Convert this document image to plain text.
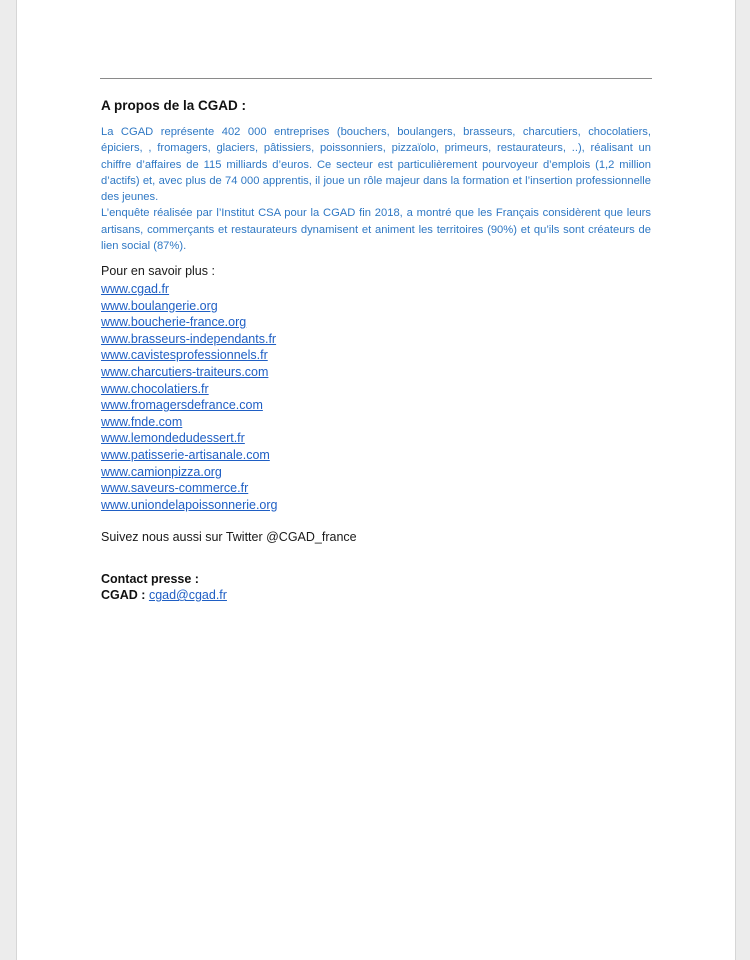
A propos de la CGAD :

La CGAD représente 402 000 entreprises (bouchers, boulangers, brasseurs, charcutiers, chocolatiers, épiciers, , fromagers, glaciers, pâtissiers, poissonniers, pizzaïolo, primeurs, restaurateurs, ..), réalisant un chiffre d’affaires de 115 milliards d’euros. Ce secteur est particulièrement pourvoyeur d’emplois (1,2 million d’actifs) et, avec plus de 74 000 apprentis, il joue un rôle majeur dans la formation et l’insertion professionnelle des jeunes.

L’enquête réalisée par l’Institut CSA pour la CGAD fin 2018, a montré que les Français considèrent que leurs artisans, commerçants et restaurateurs dynamisent et animent les territoires (90%) et qu’ils sont créateurs de lien social (87%).

Pour en savoir plus :
www.cgad.fr
www.boulangerie.org
www.boucherie-france.org
www.brasseurs-independants.fr
www.cavistesprofessionnels.fr
www.charcutiers-traiteurs.com
www.chocolatiers.fr
www.fromagersdefrance.com
www.fnde.com
www.lemondedudessert.fr
www.patisserie-artisanale.com
www.camionpizza.org
www.saveurs-commerce.fr
www.uniondelapoissonnerie.org
Suivez nous aussi sur Twitter @CGAD_france
Contact presse :
CGAD : cgad@cgad.fr
